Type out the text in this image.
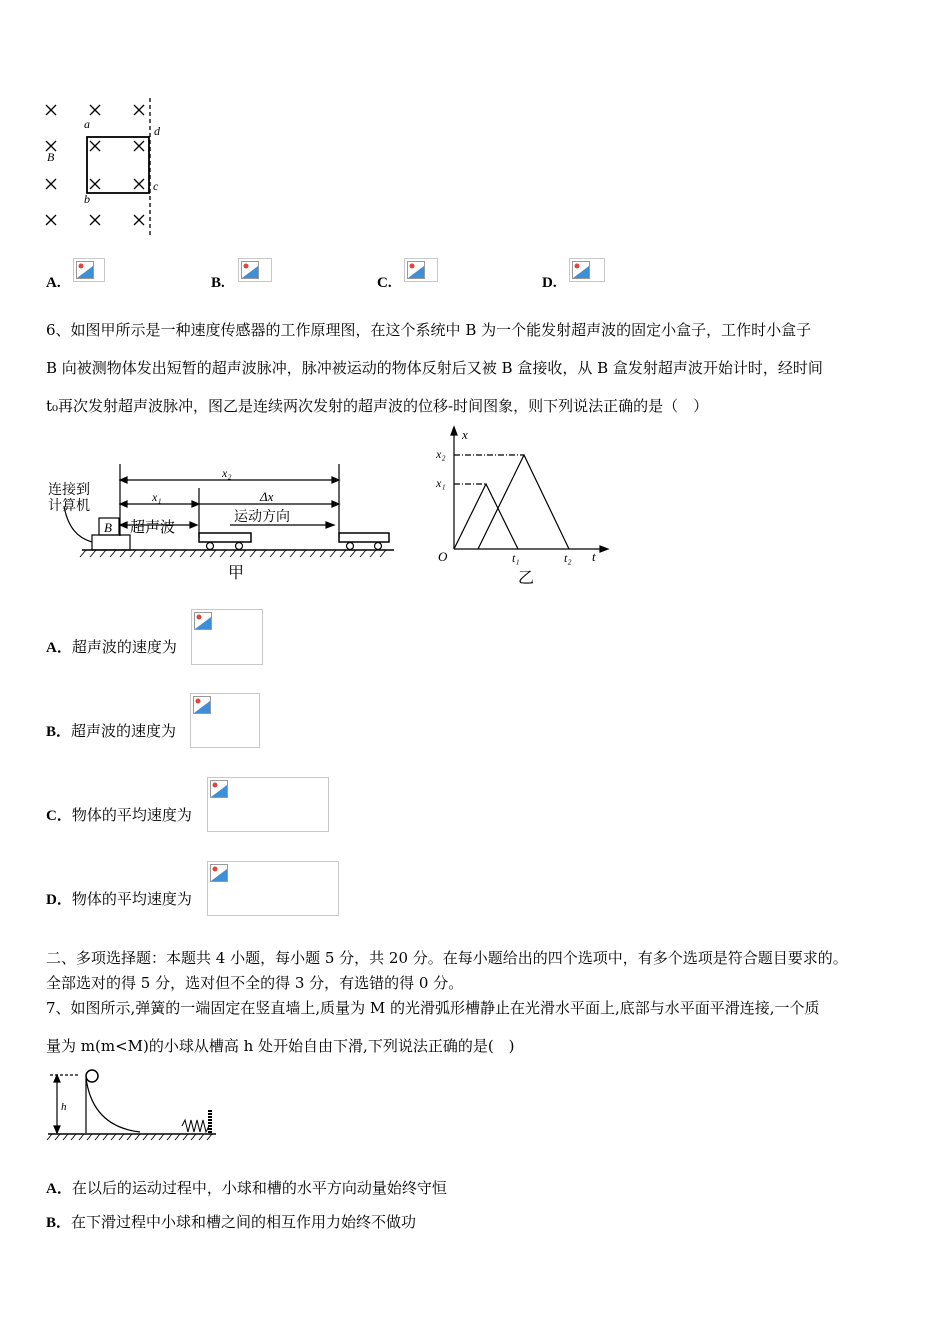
a	d
b
c
B
A.	B.	C.	D.
6、如图甲所示是一种速度传感器的工作原理图，在这个系统中 B 为一个能发射超声波的固定小盒子，工作时小盒子
B 向被测物体发出短暂的超声波脉冲，脉冲被运动的物体反射后又被 B 盒接收，从 B 盒发射超声波开始计时，经时间
t₀再次发射超声波脉冲，图乙是连续两次发射的超声波的位移-时间图象，则下列说法正确的是（　）
连接到
计算机
B 超声波
x₂
x₁	Δx
运动方向
甲
x
t
O
x₁
x₂
t₁	t₂
乙
A．超声波的速度为
B．超声波的速度为
C．物体的平均速度为
D．物体的平均速度为
二、多项选择题：本题共 4 小题，每小题 5 分，共 20 分。在每小题给出的四个选项中，有多个选项是符合题目要求的。
全部选对的得 5 分，选对但不全的得 3 分，有选错的得 0 分。
7、如图所示,弹簧的一端固定在竖直墙上,质量为 M 的光滑弧形槽静止在光滑水平面上,底部与水平面平滑连接,一个质
量为 m(m<M)的小球从槽高 h 处开始自由下滑,下列说法正确的是(　)
h
A．在以后的运动过程中，小球和槽的水平方向动量始终守恒
B．在下滑过程中小球和槽之间的相互作用力始终不做功
